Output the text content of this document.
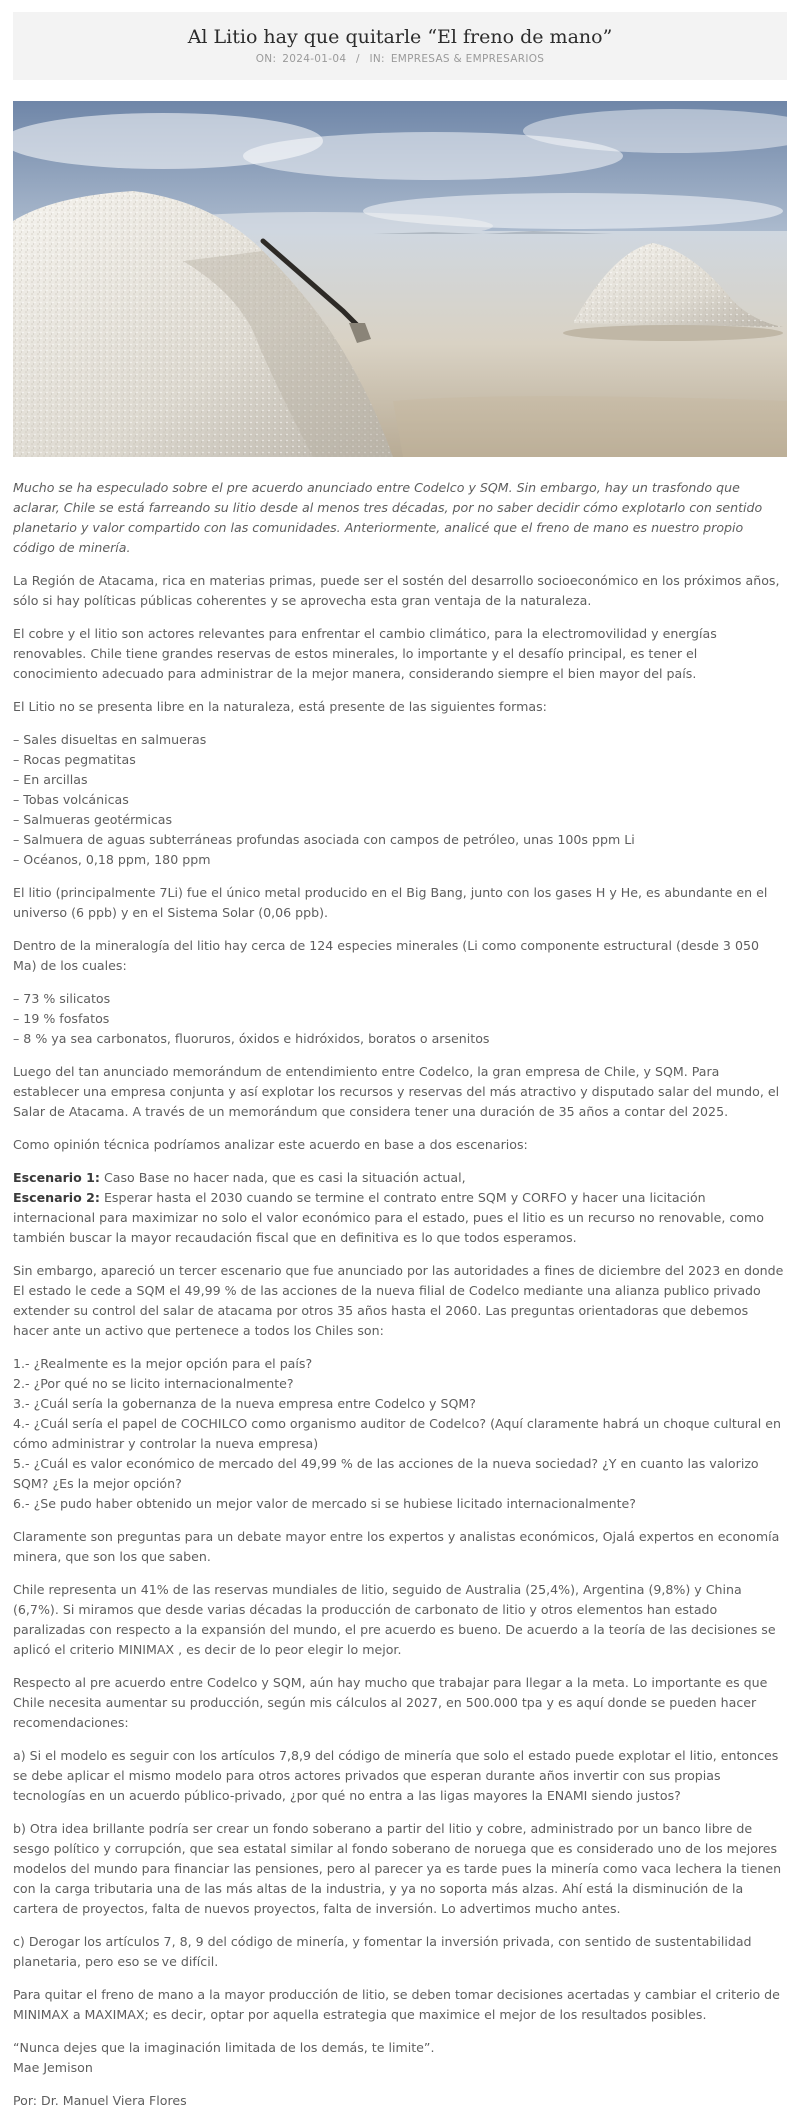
Al Litio hay que quitarle “El freno de mano”
ON: 2024-01-04 / IN: EMPRESAS & EMPRESARIOS

Mucho se ha especulado sobre el pre acuerdo anunciado entre Codelco y SQM. Sin embargo, hay un trasfondo que aclarar, Chile se está farreando su litio desde al menos tres décadas, por no saber decidir cómo explotarlo con sentido planetario y valor compartido con las comunidades. Anteriormente, analicé que el freno de mano es nuestro propio código de minería.

La Región de Atacama, rica en materias primas, puede ser el sostén del desarrollo socioeconómico en los próximos años, sólo si hay políticas públicas coherentes y se aprovecha esta gran ventaja de la naturaleza.

El cobre y el litio son actores relevantes para enfrentar el cambio climático, para la electromovilidad y energías renovables. Chile tiene grandes reservas de estos minerales, lo importante y el desafío principal, es tener el conocimiento adecuado para administrar de la mejor manera, considerando siempre el bien mayor del país.

El Litio no se presenta libre en la naturaleza, está presente de las siguientes formas:

– Sales disueltas en salmueras
– Rocas pegmatitas
– En arcillas
– Tobas volcánicas
– Salmueras geotérmicas
– Salmuera de aguas subterráneas profundas asociada con campos de petróleo, unas 100s ppm Li
– Océanos, 0,18 ppm, 180 ppm

El litio (principalmente 7Li) fue el único metal producido en el Big Bang, junto con los gases H y He, es abundante en el universo (6 ppb) y en el Sistema Solar (0,06 ppb).

Dentro de la mineralogía del litio hay cerca de 124 especies minerales (Li como componente estructural (desde 3 050 Ma) de los cuales:

– 73 % silicatos
– 19 % fosfatos
– 8 % ya sea carbonatos, fluoruros, óxidos e hidróxidos, boratos o arsenitos

Luego del tan anunciado memorándum de entendimiento entre Codelco, la gran empresa de Chile, y SQM. Para establecer una empresa conjunta y así explotar los recursos y reservas del más atractivo y disputado salar del mundo, el Salar de Atacama. A través de un memorándum que considera tener una duración de 35 años a contar del 2025.

Como opinión técnica podríamos analizar este acuerdo en base a dos escenarios:

Escenario 1: Caso Base no hacer nada, que es casi la situación actual,
Escenario 2: Esperar hasta el 2030 cuando se termine el contrato entre SQM y CORFO y hacer una licitación internacional para maximizar no solo el valor económico para el estado, pues el litio es un recurso no renovable, como también buscar la mayor recaudación fiscal que en definitiva es lo que todos esperamos.

Sin embargo, apareció un tercer escenario que fue anunciado por las autoridades a fines de diciembre del 2023 en donde El estado le cede a SQM el 49,99 % de las acciones de la nueva filial de Codelco mediante una alianza publico privado extender su control del salar de atacama por otros 35 años hasta el 2060. Las preguntas orientadoras que debemos hacer ante un activo que pertenece a todos los Chiles son:

1.- ¿Realmente es la mejor opción para el país?
2.- ¿Por qué no se licito internacionalmente?
3.- ¿Cuál sería la gobernanza de la nueva empresa entre Codelco y SQM?
4.- ¿Cuál sería el papel de COCHILCO como organismo auditor de Codelco? (Aquí claramente habrá un choque cultural en cómo administrar y controlar la nueva empresa)
5.- ¿Cuál es valor económico de mercado del 49,99 % de las acciones de la nueva sociedad? ¿Y en cuanto las valorizo SQM? ¿Es la mejor opción?
6.- ¿Se pudo haber obtenido un mejor valor de mercado si se hubiese licitado internacionalmente?

Claramente son preguntas para un debate mayor entre los expertos y analistas económicos, Ojalá expertos en economía minera, que son los que saben.

Chile representa un 41% de las reservas mundiales de litio, seguido de Australia (25,4%), Argentina (9,8%) y China (6,7%). Si miramos que desde varias décadas la producción de carbonato de litio y otros elementos han estado paralizadas con respecto a la expansión del mundo, el pre acuerdo es bueno. De acuerdo a la teoría de las decisiones se aplicó el criterio MINIMAX , es decir de lo peor elegir lo mejor.

Respecto al pre acuerdo entre Codelco y SQM, aún hay mucho que trabajar para llegar a la meta. Lo importante es que Chile necesita aumentar su producción, según mis cálculos al 2027, en 500.000 tpa y es aquí donde se pueden hacer recomendaciones:

a) Si el modelo es seguir con los artículos 7,8,9 del código de minería que solo el estado puede explotar el litio, entonces se debe aplicar el mismo modelo para otros actores privados que esperan durante años invertir con sus propias tecnologías en un acuerdo público-privado, ¿por qué no entra a las ligas mayores la ENAMI siendo justos?

b) Otra idea brillante podría ser crear un fondo soberano a partir del litio y cobre, administrado por un banco libre de sesgo político y corrupción, que sea estatal similar al fondo soberano de noruega que es considerado uno de los mejores modelos del mundo para financiar las pensiones, pero al parecer ya es tarde pues la minería como vaca lechera la tienen con la carga tributaria una de las más altas de la industria, y ya no soporta más alzas. Ahí está la disminución de la cartera de proyectos, falta de nuevos proyectos, falta de inversión. Lo advertimos mucho antes.

c) Derogar los artículos 7, 8, 9 del código de minería, y fomentar la inversión privada, con sentido de sustentabilidad planetaria, pero eso se ve difícil.

Para quitar el freno de mano a la mayor producción de litio, se deben tomar decisiones acertadas y cambiar el criterio de MINIMAX a MAXIMAX; es decir, optar por aquella estrategia que maximice el mejor de los resultados posibles.

“Nunca dejes que la imaginación limitada de los demás, te limite”.
Mae Jemison

Por: Dr. Manuel Viera Flores
